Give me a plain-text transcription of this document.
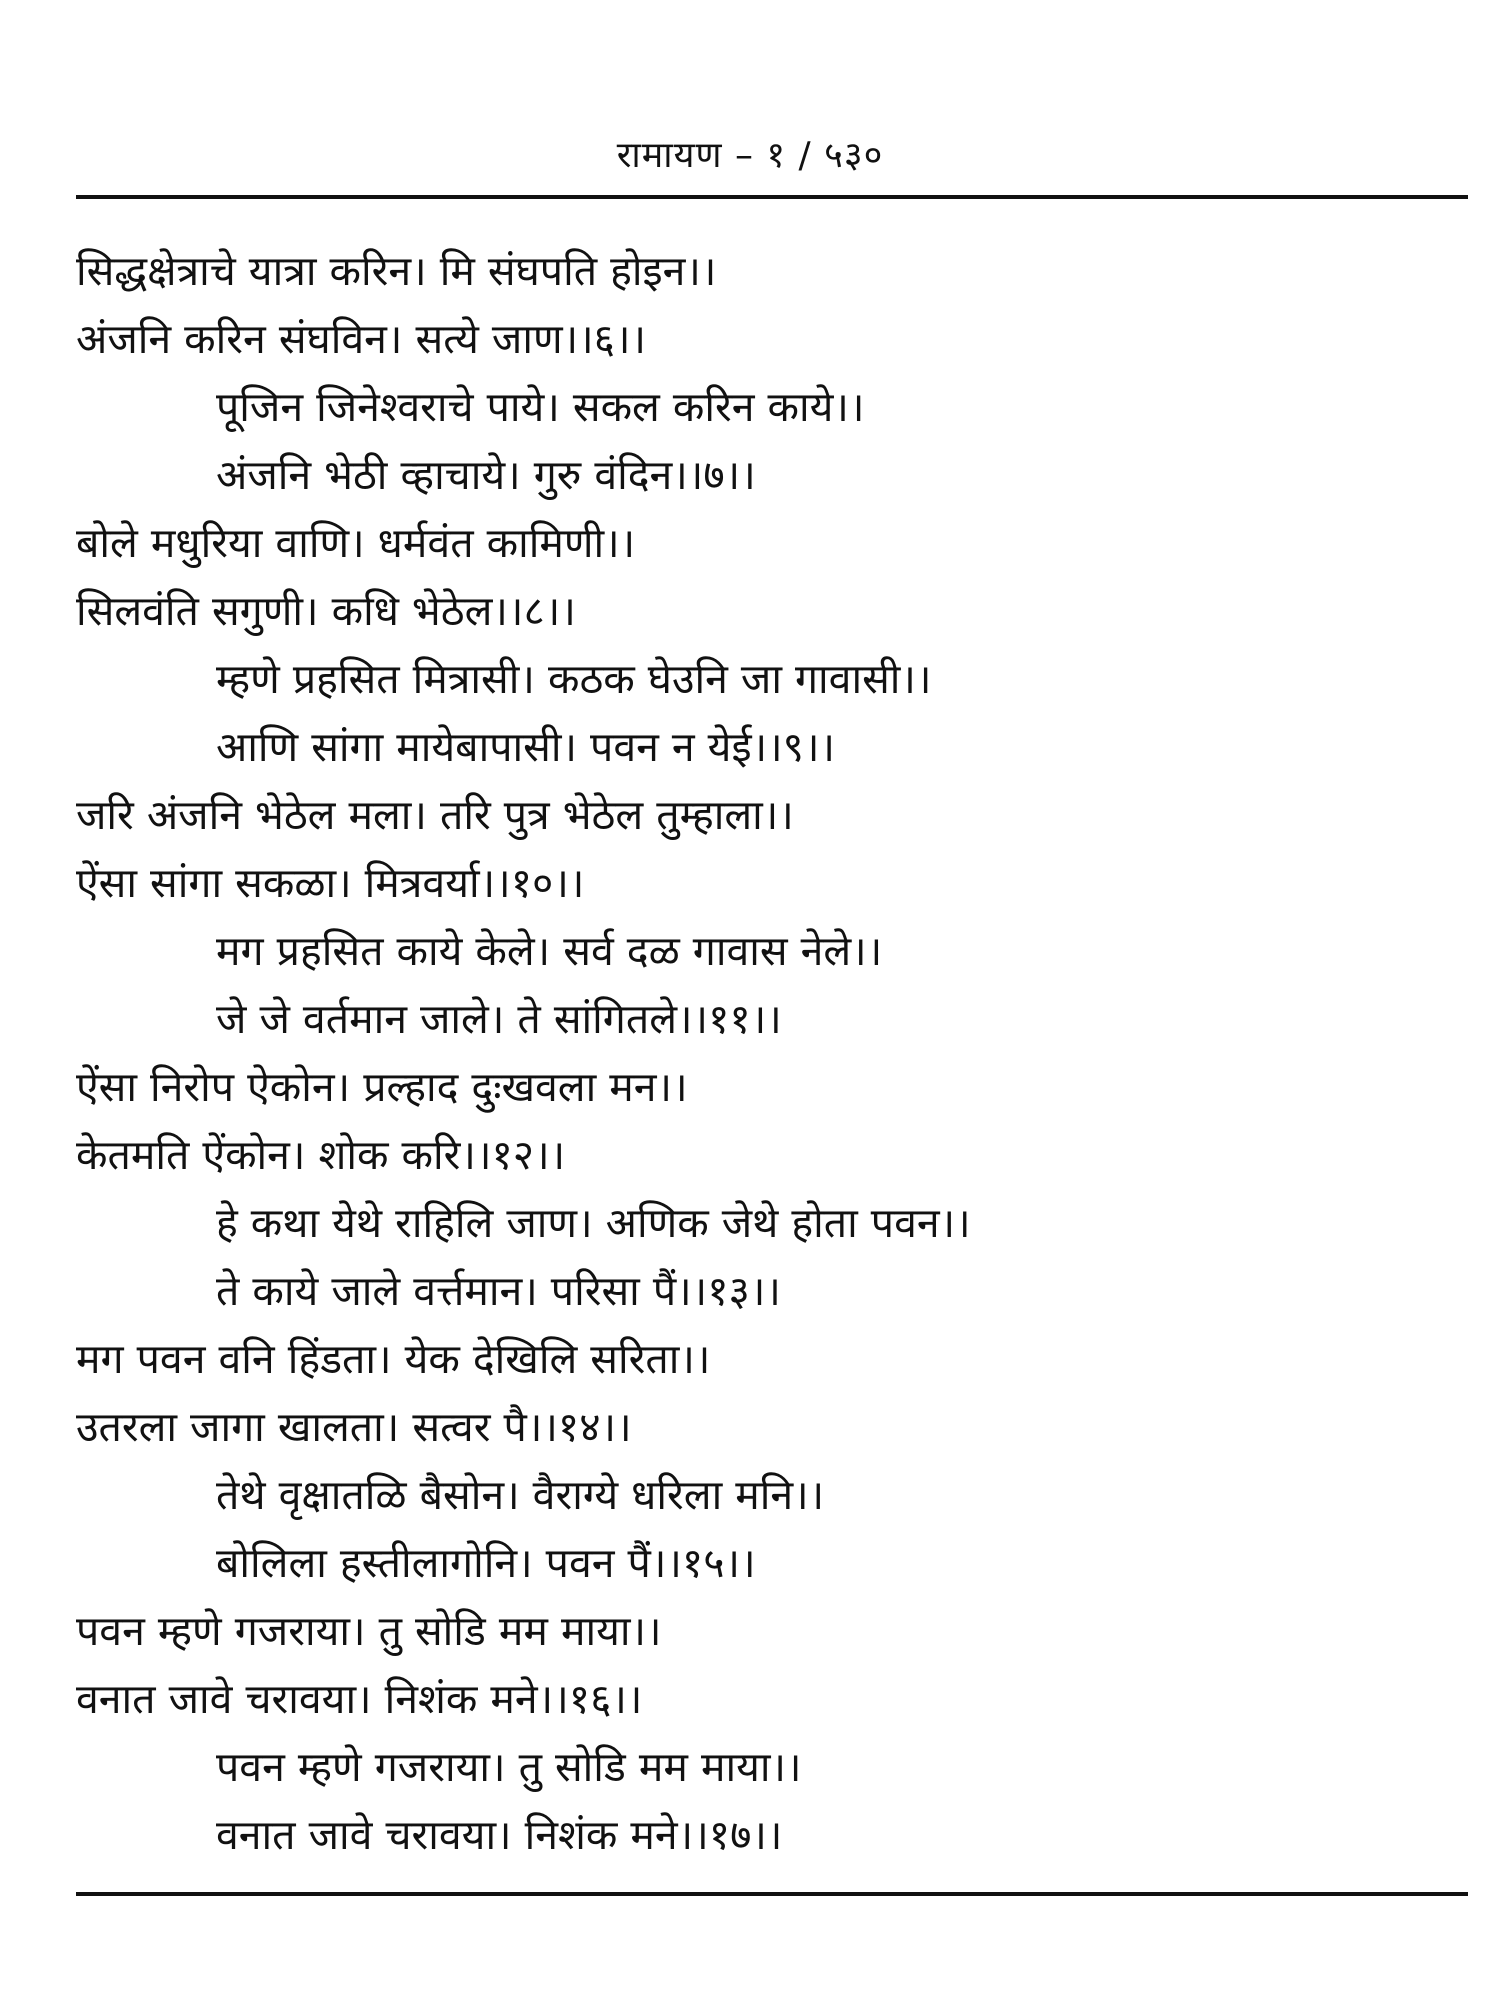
रामायण – १ / ५३०
सिद्धक्षेत्राचे यात्रा करिन। मि संघपति होइन।।
अंजनि करिन संघविन। सत्ये जाण।।६।।
पूजिन जिनेश्वराचे पाये। सकल करिन काये।।
अंजनि भेठी व्हाचाये। गुरु वंदिन।।७।।
बोले मधुरिया वाणि। धर्मवंत कामिणी।।
सिलवंति सगुणी। कधि भेठेल।।८।।
म्हणे प्रहसित मित्रासी। कठक घेउनि जा गावासी।।
आणि सांगा मायेबापासी। पवन न येई।।९।।
जरि अंजनि भेठेल मला। तरि पुत्र भेठेल तुम्हाला।।
ऐंसा सांगा सकळा। मित्रवर्या।।१०।।
मग प्रहसित काये केले। सर्व दळ गावास नेले।।
जे जे वर्तमान जाले। ते सांगितले।।११।।
ऐंसा निरोप ऐकोन। प्रल्हाद दुःखवला मन।।
केतमति ऐंकोन। शोक करि।।१२।।
हे कथा येथे राहिलि जाण। अणिक जेथे होता पवन।।
ते काये जाले वर्त्तमान। परिसा पैं।।१३।।
मग पवन वनि हिंडता। येक देखिलि सरिता।।
उतरला जागा खालता। सत्वर पै।।१४।।
तेथे वृक्षातळि बैसोन। वैराग्ये धरिला मनि।।
बोलिला हस्तीलागोनि। पवन पैं।।१५।।
पवन म्हणे गजराया। तु सोडि मम माया।।
वनात जावे चरावया। निशंक मने।।१६।।
पवन म्हणे गजराया। तु सोडि मम माया।।
वनात जावे चरावया। निशंक मने।।१७।।
